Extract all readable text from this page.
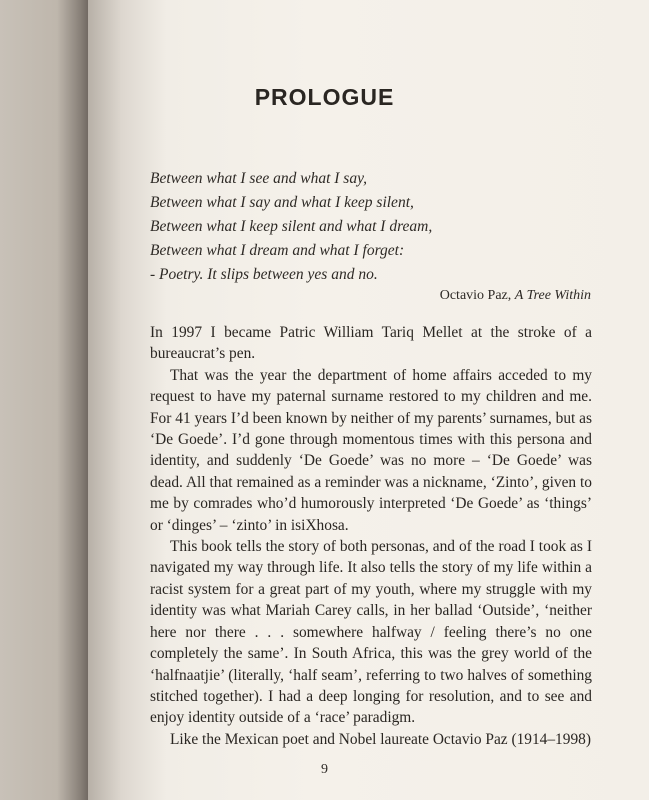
PROLOGUE
Between what I see and what I say,
Between what I say and what I keep silent,
Between what I keep silent and what I dream,
Between what I dream and what I forget:
- Poetry. It slips between yes and no.
Octavio Paz, A Tree Within

In 1997 I became Patric William Tariq Mellet at the stroke of a bureaucrat’s pen.

That was the year the department of home affairs acceded to my request to have my paternal surname restored to my children and me. For 41 years I’d been known by neither of my parents’ surnames, but as ‘De Goede’. I’d gone through momentous times with this persona and identity, and suddenly ‘De Goede’ was no more – ‘De Goede’ was dead. All that remained as a reminder was a nickname, ‘Zinto’, given to me by comrades who’d humorously interpreted ‘De Goede’ as ‘things’ or ‘dinges’ – ‘zinto’ in isiXhosa.

This book tells the story of both personas, and of the road I took as I navigated my way through life. It also tells the story of my life within a racist system for a great part of my youth, where my struggle with my identity was what Mariah Carey calls, in her ballad ‘Outside’, ‘neither here nor there . . . somewhere halfway / feeling there’s no one completely the same’. In South Africa, this was the grey world of the ‘halfnaatjie’ (literally, ‘half seam’, referring to two halves of something stitched together). I had a deep longing for resolution, and to see and enjoy identity outside of a ‘race’ paradigm.

Like the Mexican poet and Nobel laureate Octavio Paz (1914–1998)

9
